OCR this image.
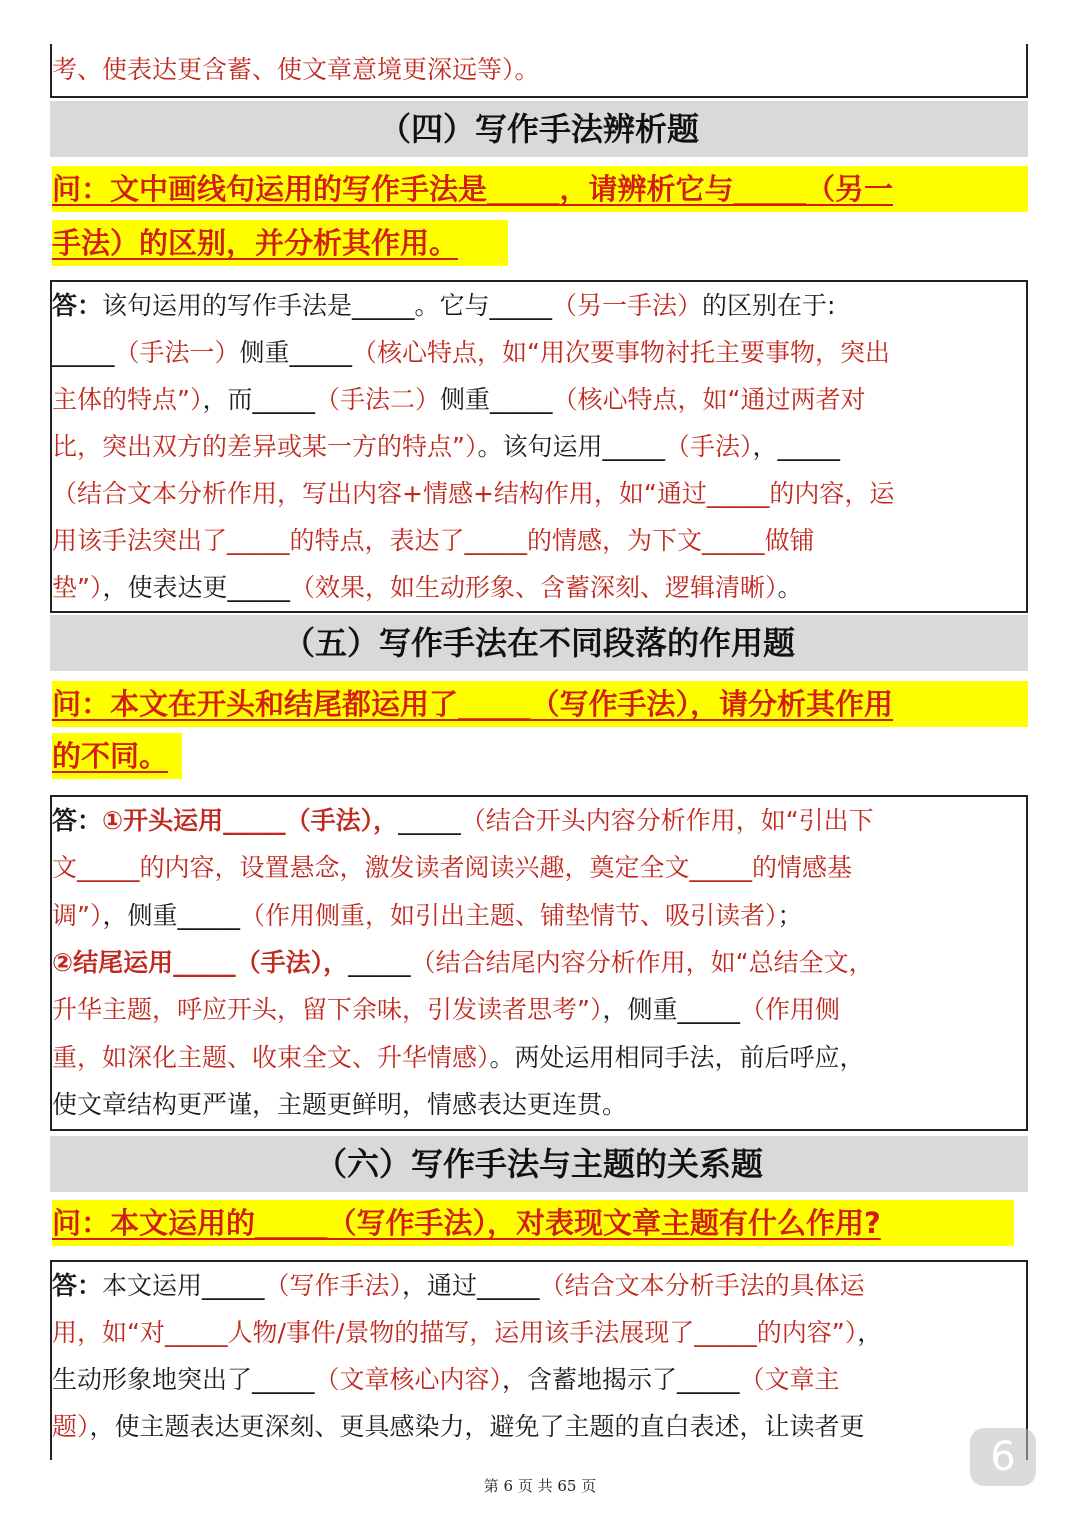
考、使表达更含蓄、使文章意境更深远等）。
（四）写作手法辨析题
问：文中画线句运用的写作手法是_____，请辨析它与_____（另一
手法）的区别，并分析其作用。
答：该句运用的写作手法是_____。它与_____（另一手法）的区别在于:
_____（手法一）侧重_____（核心特点，如“用次要事物衬托主要事物，突出
主体的特点”），而_____（手法二）侧重_____（核心特点，如“通过两者对
比，突出双方的差异或某一方的特点”）。该句运用_____（手法），_____
（结合文本分析作用，写出内容+情感+结构作用，如“通过_____的内容，运
用该手法突出了_____的特点，表达了_____的情感，为下文_____做铺
垫”），使表达更_____（效果，如生动形象、含蓄深刻、逻辑清晰）。
（五）写作手法在不同段落的作用题
问：本文在开头和结尾都运用了_____（写作手法），请分析其作用
的不同。
答：①开头运用_____（手法），_____（结合开头内容分析作用，如“引出下
文_____的内容，设置悬念，激发读者阅读兴趣，奠定全文_____的情感基
调”），侧重_____（作用侧重，如引出主题、铺垫情节、吸引读者）；
②结尾运用_____（手法），_____（结合结尾内容分析作用，如“总结全文，
升华主题，呼应开头，留下余味，引发读者思考”），侧重_____（作用侧
重，如深化主题、收束全文、升华情感）。两处运用相同手法，前后呼应，
使文章结构更严谨，主题更鲜明，情感表达更连贯。
（六）写作手法与主题的关系题
问：本文运用的_____（写作手法），对表现文章主题有什么作用?
答：本文运用_____（写作手法），通过_____（结合文本分析手法的具体运
用，如“对_____人物/事件/景物的描写，运用该手法展现了_____的内容”），
生动形象地突出了_____（文章核心内容），含蓄地揭示了_____（文章主
题），使主题表达更深刻、更具感染力，避免了主题的直白表述，让读者更
第 6 页 共 65 页
6
